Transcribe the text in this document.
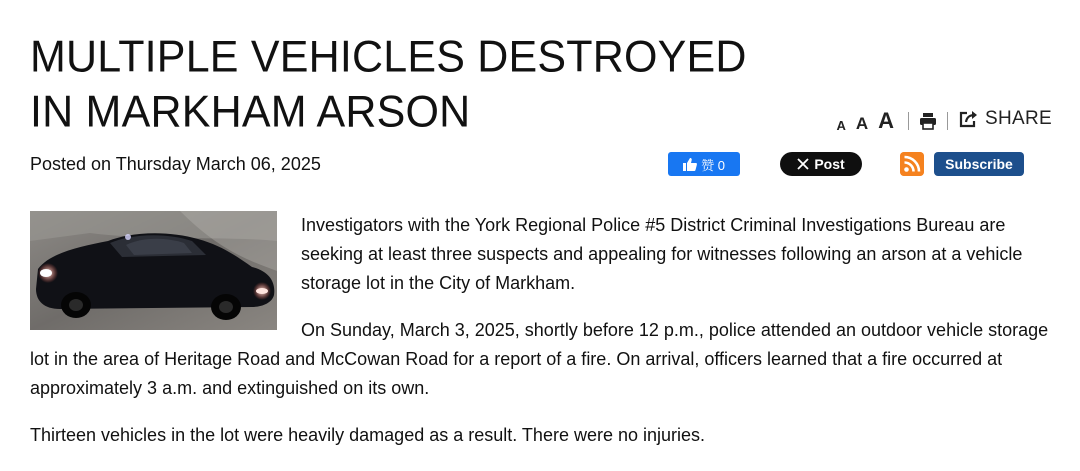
MULTIPLE VEHICLES DESTROYED IN MARKHAM ARSON	A A A	SHARE
Posted on Thursday March 06, 2025	赞 0	Post	Subscribe

Investigators with the York Regional Police #5 District Criminal Investigations Bureau are seeking at least three suspects and appealing for witnesses following an arson at a vehicle storage lot in the City of Markham.

On Sunday, March 3, 2025, shortly before 12 p.m., police attended an outdoor vehicle storage lot in the area of Heritage Road and McCowan Road for a report of a fire. On arrival, officers learned that a fire occurred at approximately 3 a.m. and extinguished on its own.

Thirteen vehicles in the lot were heavily damaged as a result. There were no injuries.
